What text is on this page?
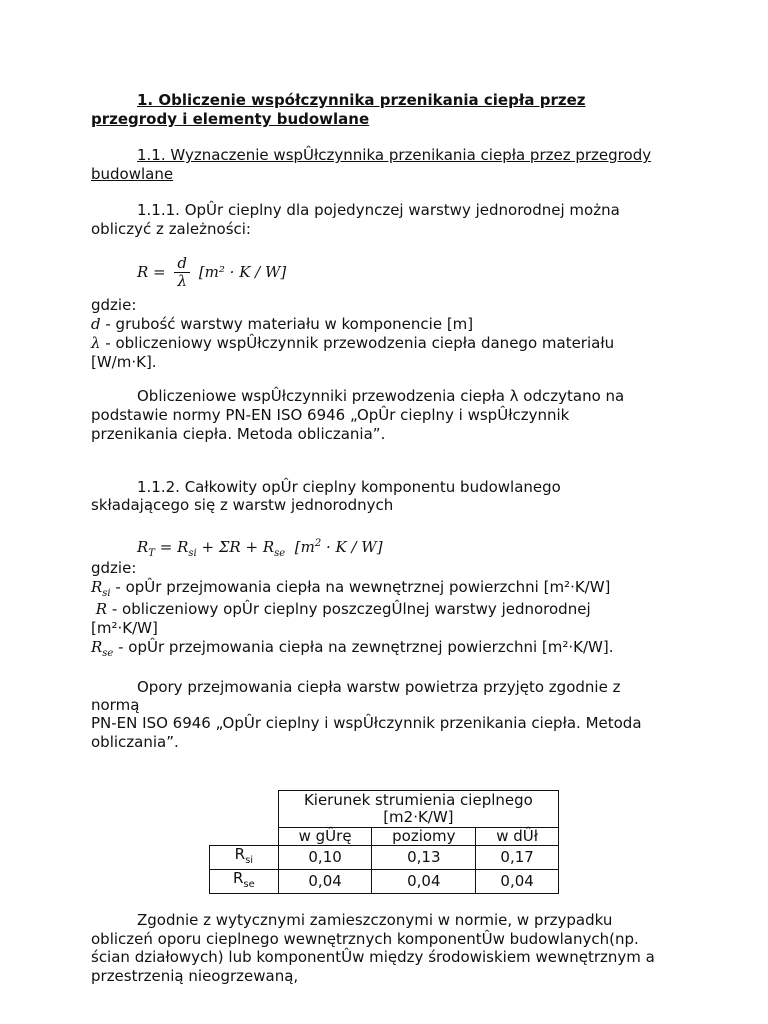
1. Obliczenie współczynnika przenikania ciepła przez
przegrody i elementy budowlane
1.1. Wyznaczenie wspÛłczynnika przenikania ciepła przez przegrody
budowlane
1.1.1. OpÛr cieplny dla pojedynczej warstwy jednorodnej można
obliczyć z zależności:
$R = \frac{d}{\lambda} [m^2 \cdot K / W]$
gdzie:
d - grubość warstwy materiału w komponencie [m]
λ - obliczeniowy wspÛłczynnik przewodzenia ciepła danego materiału
[W/m·K].
Obliczeniowe wspÛłczynniki przewodzenia ciepła λ odczytano na
podstawie normy PN-EN ISO 6946 „OpÛr cieplny i wspÛłczynnik
przenikania ciepła. Metoda obliczania”.
1.1.2. Całkowity opÛr cieplny komponentu budowlanego
składającego się z warstw jednorodnych
$R_T = R_{si} + \Sigma R + R_{se}$  $[m^2 \cdot K / W]$
gdzie:
$R_{si}$ - opÛr przejmowania ciepła na wewnętrznej powierzchni [m²·K/W]
R - obliczeniowy opÛr cieplny poszczegÛlnej warstwy jednorodnej
[m²·K/W]
$R_{se}$ - opÛr przejmowania ciepła na zewnętrznej powierzchni [m²·K/W].
Opory przejmowania ciepła warstw powietrza przyjęto zgodnie z
normą
PN-EN ISO 6946 „OpÛr cieplny i wspÛłczynnik przenikania ciepła. Metoda
obliczania”.
Zgodnie z wytycznymi zamieszczonymi w normie, w przypadku
obliczeń oporu cieplnego wewnętrznych komponentÛw budowlanych(np.
ścian działowych) lub komponentÛw między środowiskiem wewnętrznym a
przestrzenią nieogrzewaną,

	Kierunek strumienia cieplnego
[m2·K/W]		

	w gÛrę	poziomy	w dÛł
$R_{si}$	0,10	0,13	0,17
$R_{se}$	0,04	0,04	0,04
